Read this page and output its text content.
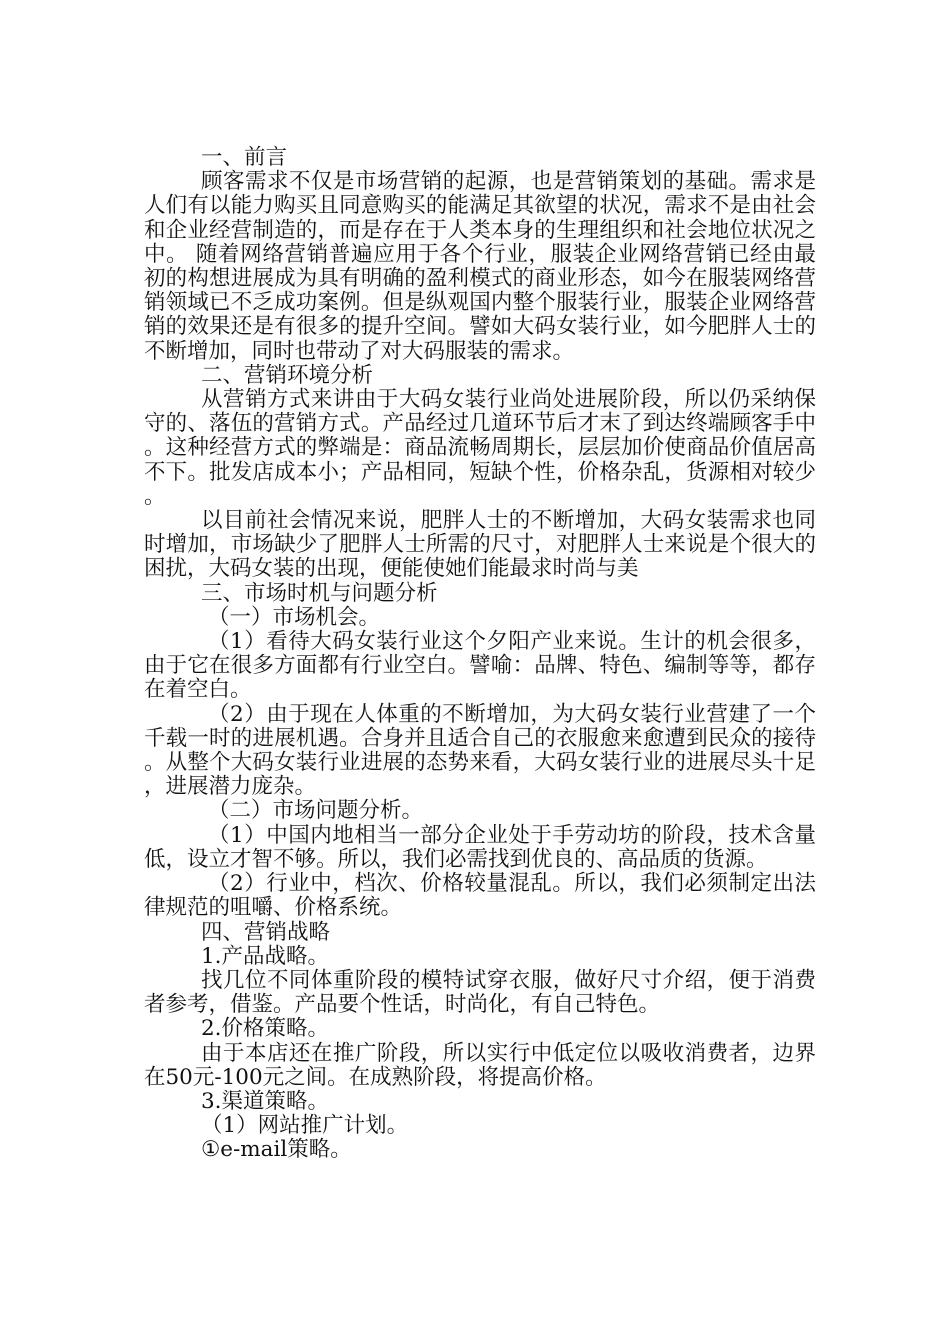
一、前言

顾客需求不仅是市场营销的起源，也是营销策划的基础。需求是人们有以能力购买且同意购买的能满足其欲望的状况，需求不是由社会和企业经营制造的，而是存在于人类本身的生理组织和社会地位状况之中。 随着网络营销普遍应用于各个行业，服装企业网络营销已经由最初的构想进展成为具有明确的盈利模式的商业形态，如今在服装网络营销领域已不乏成功案例。但是纵观国内整个服装行业，服装企业网络营销的效果还是有很多的提升空间。譬如大码女装行业，如今肥胖人士的不断增加，同时也带动了对大码服装的需求。

二、营销环境分析

从营销方式来讲由于大码女装行业尚处进展阶段，所以仍采纳保守的、落伍的营销方式。产品经过几道环节后才末了到达终端顾客手中。这种经营方式的弊端是：商品流畅周期长，层层加价使商品价值居高不下。批发店成本小；产品相同，短缺个性，价格杂乱，货源相对较少。

以目前社会情况来说，肥胖人士的不断增加，大码女装需求也同时增加，市场缺少了肥胖人士所需的尺寸，对肥胖人士来说是个很大的困扰，大码女装的出现，便能使她们能最求时尚与美

三、市场时机与问题分析

（一）市场机会。

（1）看待大码女装行业这个夕阳产业来说。生计的机会很多，由于它在很多方面都有行业空白。譬喻：品牌、特色、编制等等，都存在着空白。

（2）由于现在人体重的不断增加，为大码女装行业营建了一个千载一时的进展机遇。合身并且适合自己的衣服愈来愈遭到民众的接待。从整个大码女装行业进展的态势来看，大码女装行业的进展尽头十足，进展潜力庞杂。

（二）市场问题分析。

（1）中国内地相当一部分企业处于手劳动坊的阶段，技术含量低，设立才智不够。所以，我们必需找到优良的、高品质的货源。

（2）行业中，档次、价格较量混乱。所以，我们必须制定出法律规范的咀嚼、价格系统。

四、营销战略

1.产品战略。

找几位不同体重阶段的模特试穿衣服，做好尺寸介绍，便于消费者参考，借鉴。产品要个性话，时尚化，有自己特色。

2.价格策略。

由于本店还在推广阶段，所以实行中低定位以吸收消费者，边界在50元-100元之间。在成熟阶段，将提高价格。

3.渠道策略。

（1）网站推广计划。

①e-mail策略。
